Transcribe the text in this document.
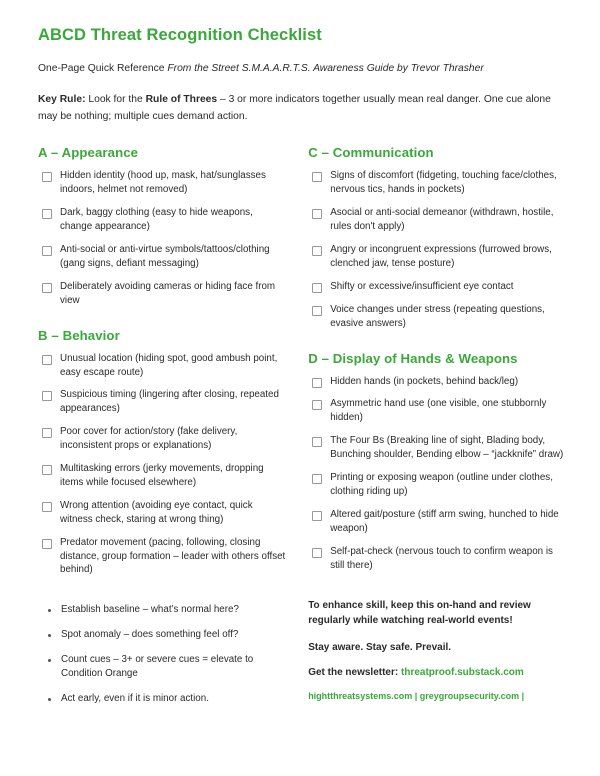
ABCD Threat Recognition Checklist

One-Page Quick Reference From the Street S.M.A.A.R.T.S. Awareness Guide by Trevor Thrasher

Key Rule: Look for the Rule of Threes – 3 or more indicators together usually mean real danger. One cue alone may be nothing; multiple cues demand action.

A – Appearance
Hidden identity (hood up, mask, hat/sunglasses indoors, helmet not removed)
Dark, baggy clothing (easy to hide weapons, change appearance)
Anti-social or anti-virtue symbols/tattoos/clothing (gang signs, defiant messaging)
Deliberately avoiding cameras or hiding face from view
B – Behavior
Unusual location (hiding spot, good ambush point, easy escape route)
Suspicious timing (lingering after closing, repeated appearances)
Poor cover for action/story (fake delivery, inconsistent props or explanations)
Multitasking errors (jerky movements, dropping items while focused elsewhere)
Wrong attention (avoiding eye contact, quick witness check, staring at wrong thing)
Predator movement (pacing, following, closing distance, group formation – leader with others offset behind)
Establish baseline – what’s normal here?
Spot anomaly – does something feel off?
Count cues – 3+ or severe cues = elevate to Condition Orange
Act early, even if it is minor action.
C – Communication
Signs of discomfort (fidgeting, touching face/clothes, nervous tics, hands in pockets)
Asocial or anti-social demeanor (withdrawn, hostile, rules don't apply)
Angry or incongruent expressions (furrowed brows, clenched jaw, tense posture)
Shifty or excessive/insufficient eye contact
Voice changes under stress (repeating questions, evasive answers)
D – Display of Hands & Weapons
Hidden hands (in pockets, behind back/leg)
Asymmetric hand use (one visible, one stubbornly hidden)
The Four Bs (Breaking line of sight, Blading body, Bunching shoulder, Bending elbow – “jackknife” draw)
Printing or exposing weapon (outline under clothes, clothing riding up)
Altered gait/posture (stiff arm swing, hunched to hide weapon)
Self-pat-check (nervous touch to confirm weapon is still there)

To enhance skill, keep this on-hand and review regularly while watching real-world events!

Stay aware. Stay safe. Prevail.

Get the newsletter: threatproof.substack.com
hightthreatsystems.com | greygroupsecurity.com |
